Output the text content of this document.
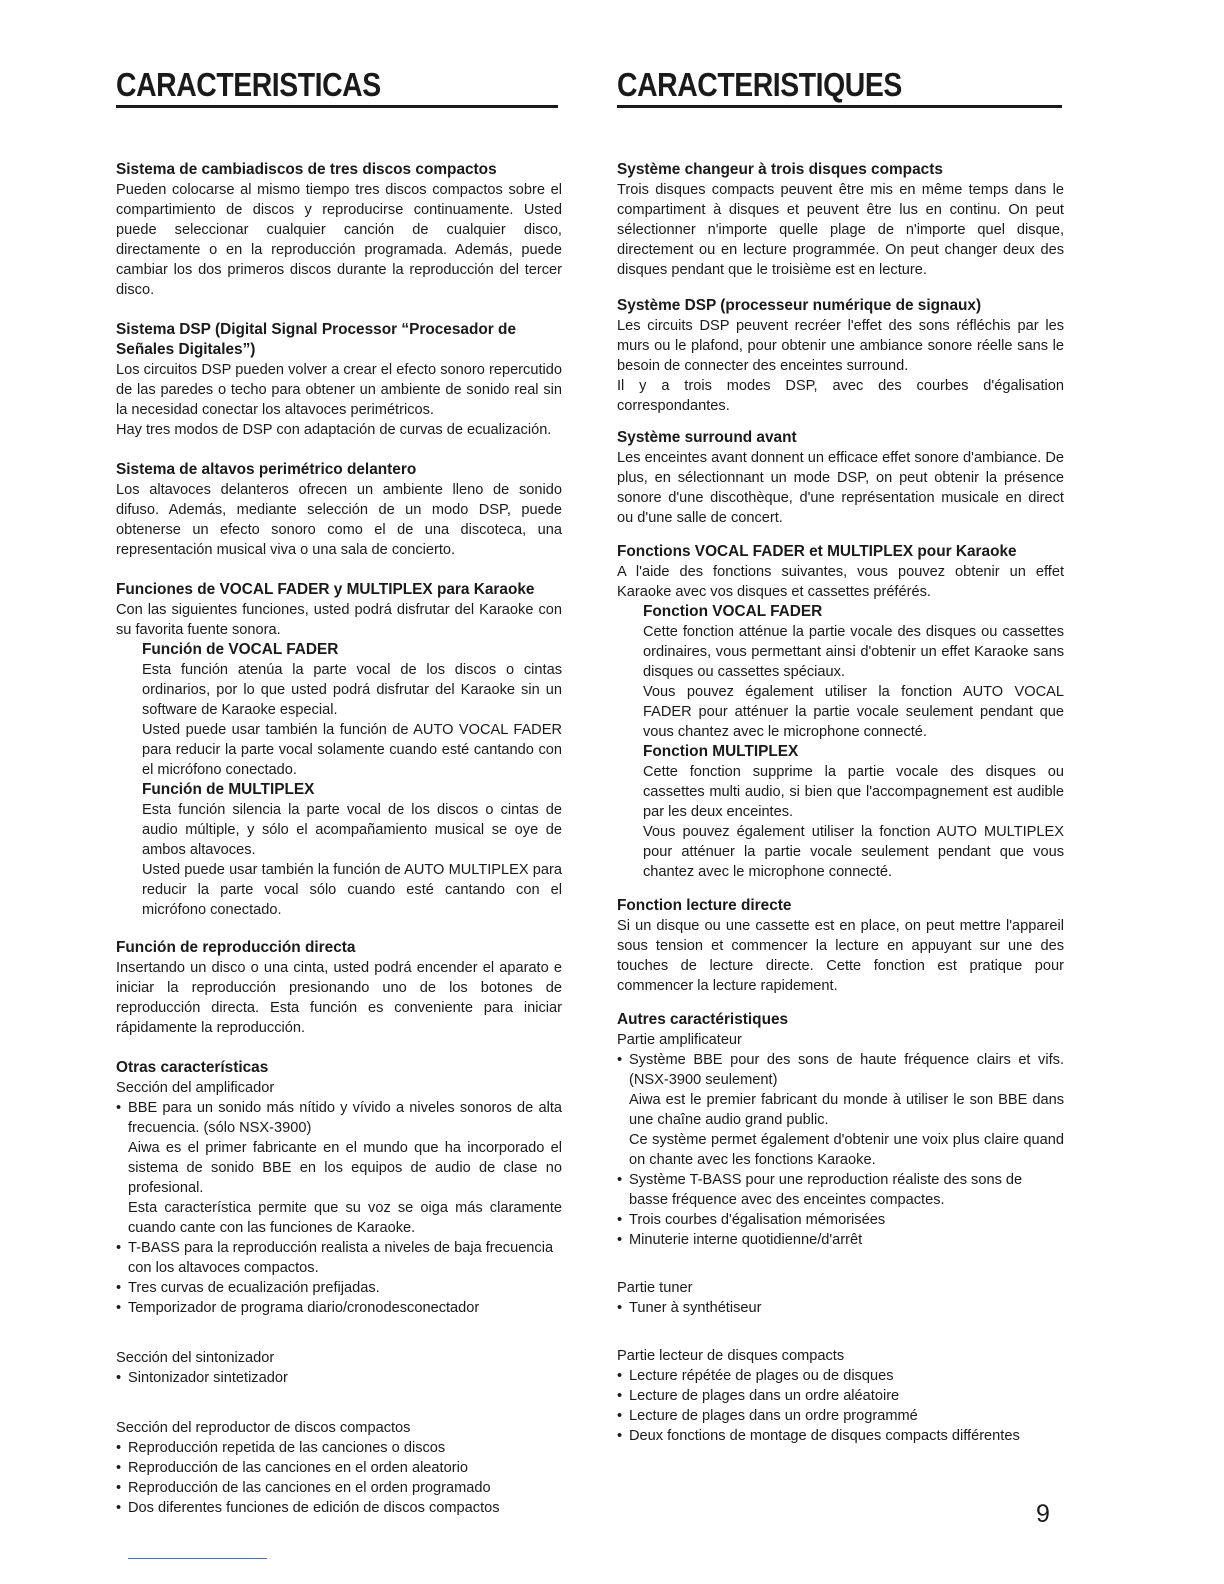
CARACTERISTICAS
Sistema de cambiadiscos de tres discos compactos
Pueden colocarse al mismo tiempo tres discos compactos sobre el compartimiento de discos y reproducirse continuamente. Usted puede seleccionar cualquier canción de cualquier disco, directamente o en la reproducción programada. Además, puede cambiar los dos primeros discos durante la reproducción del tercer disco.
Sistema DSP (Digital Signal Processor “Procesador de Señales Digitales”)
Los circuitos DSP pueden volver a crear el efecto sonoro repercutido de las paredes o techo para obtener un ambiente de sonido real sin la necesidad conectar los altavoces perimétricos.
Hay tres modos de DSP con adaptación de curvas de ecualización.
Sistema de altavos perimétrico delantero
Los altavoces delanteros ofrecen un ambiente lleno de sonido difuso. Además, mediante selección de un modo DSP, puede obtenerse un efecto sonoro como el de una discoteca, una representación musical viva o una sala de concierto.
Funciones de VOCAL FADER y MULTIPLEX para Karaoke
Con las siguientes funciones, usted podrá disfrutar del Karaoke con su favorita fuente sonora.
Función de VOCAL FADER
Esta función atenúa la parte vocal de los discos o cintas ordinarios, por lo que usted podrá disfrutar del Karaoke sin un software de Karaoke especial.
Usted puede usar también la función de AUTO VOCAL FADER para reducir la parte vocal solamente cuando esté cantando con el micrófono conectado.
Función de MULTIPLEX
Esta función silencia la parte vocal de los discos o cintas de audio múltiple, y sólo el acompañamiento musical se oye de ambos altavoces.
Usted puede usar también la función de AUTO MULTIPLEX para reducir la parte vocal sólo cuando esté cantando con el micrófono conectado.
Función de reproducción directa
Insertando un disco o una cinta, usted podrá encender el aparato e iniciar la reproducción presionando uno de los botones de reproducción directa. Esta función es conveniente para iniciar rápidamente la reproducción.
Otras características
Sección del amplificador
• BBE para un sonido más nítido y vívido a niveles sonoros de alta frecuencia. (sólo NSX-3900)
Aiwa es el primer fabricante en el mundo que ha incorporado el sistema de sonido BBE en los equipos de audio de clase no profesional.
Esta característica permite que su voz se oiga más claramente cuando cante con las funciones de Karaoke.
• T-BASS para la reproducción realista a niveles de baja frecuencia con los altavoces compactos.
• Tres curvas de ecualización prefijadas.
• Temporizador de programa diario/cronodesconectador
Sección del sintonizador
• Sintonizador sintetizador
Sección del reproductor de discos compactos
• Reproducción repetida de las canciones o discos
• Reproducción de las canciones en el orden aleatorio
• Reproducción de las canciones en el orden programado
• Dos diferentes funciones de edición de discos compactos
CARACTERISTIQUES
Système changeur à trois disques compacts
Trois disques compacts peuvent être mis en même temps dans le compartiment à disques et peuvent être lus en continu. On peut sélectionner n'importe quelle plage de n'importe quel disque, directement ou en lecture programmée. On peut changer deux des disques pendant que le troisième est en lecture.
Système DSP (processeur numérique de signaux)
Les circuits DSP peuvent recréer l'effet des sons réfléchis par les murs ou le plafond, pour obtenir une ambiance sonore réelle sans le besoin de connecter des enceintes surround.
Il y a trois modes DSP, avec des courbes d'égalisation correspondantes.
Système surround avant
Les enceintes avant donnent un efficace effet sonore d'ambiance. De plus, en sélectionnant un mode DSP, on peut obtenir la présence sonore d'une discothèque, d'une représentation musicale en direct ou d'une salle de concert.
Fonctions VOCAL FADER et MULTIPLEX pour Karaoke
A l'aide des fonctions suivantes, vous pouvez obtenir un effet Karaoke avec vos disques et cassettes préférés.
Fonction VOCAL FADER
Cette fonction atténue la partie vocale des disques ou cassettes ordinaires, vous permettant ainsi d'obtenir un effet Karaoke sans disques ou cassettes spéciaux.
Vous pouvez également utiliser la fonction AUTO VOCAL FADER pour atténuer la partie vocale seulement pendant que vous chantez avec le microphone connecté.
Fonction MULTIPLEX
Cette fonction supprime la partie vocale des disques ou cassettes multi audio, si bien que l'accompagnement est audible par les deux enceintes.
Vous pouvez également utiliser la fonction AUTO MULTIPLEX pour atténuer la partie vocale seulement pendant que vous chantez avec le microphone connecté.
Fonction lecture directe
Si un disque ou une cassette est en place, on peut mettre l'appareil sous tension et commencer la lecture en appuyant sur une des touches de lecture directe. Cette fonction est pratique pour commencer la lecture rapidement.
Autres caractéristiques
Partie amplificateur
• Système BBE pour des sons de haute fréquence clairs et vifs. (NSX-3900 seulement)
Aiwa est le premier fabricant du monde à utiliser le son BBE dans une chaîne audio grand public.
Ce système permet également d'obtenir une voix plus claire quand on chante avec les fonctions Karaoke.
• Système T-BASS pour une reproduction réaliste des sons de basse fréquence avec des enceintes compactes.
• Trois courbes d'égalisation mémorisées
• Minuterie interne quotidienne/d'arrêt
Partie tuner
• Tuner à synthétiseur
Partie lecteur de disques compacts
• Lecture répétée de plages ou de disques
• Lecture de plages dans un ordre aléatoire
• Lecture de plages dans un ordre programmé
• Deux fonctions de montage de disques compacts différentes
9
